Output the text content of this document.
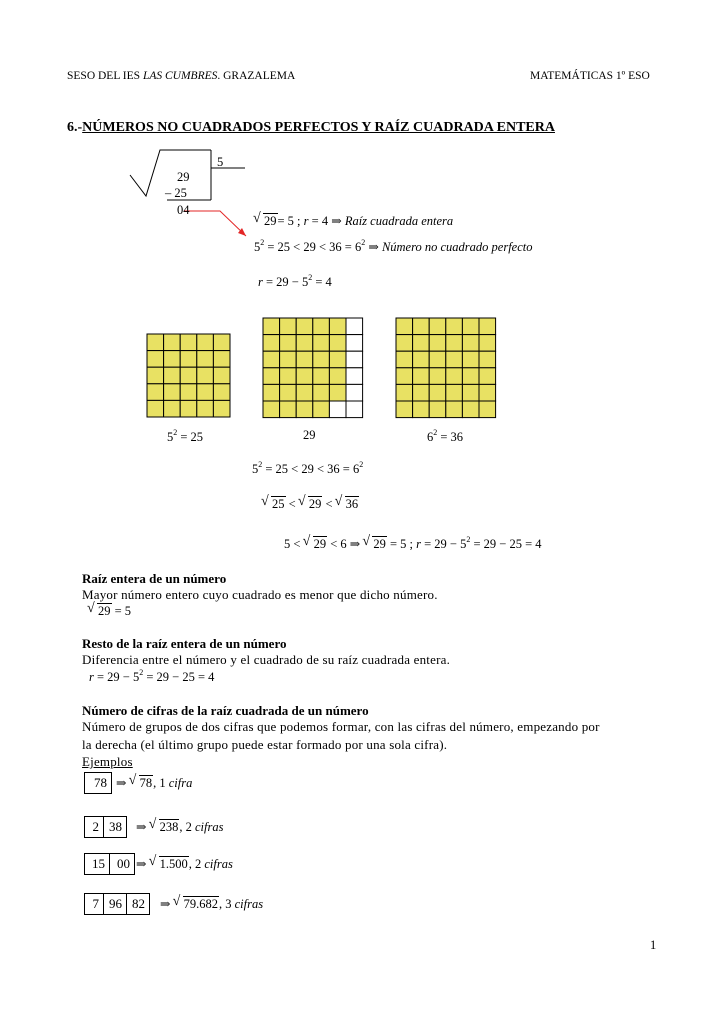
SESO DEL IES LAS CUMBRES. GRAZALEMA	MATEMÁTICAS 1º ESO
6.-NÚMEROS NO CUADRADOS PERFECTOS Y RAÍZ CUADRADA ENTERA
5
29
– 25
04
√ 29= 5 ; r = 4 ⇒ Raíz cuadrada entera
$5^2 = 25 < 29 < 36 = 6^2$ ⇒ Número no cuadrado perfecto
$r = 29 - 5^2 = 4$
$5^2 = 25$	29	$6^2 = 36$
$5^2 = 25 < 29 < 36 = 6^2$
√ 25 < √ 29 < √ 36
5 < √ 29 < 6 ⇒ √ 29 = 5 ; $r = 29 - 5^2 = 29 - 25 = 4$
Raíz entera de un número
Mayor número entero cuyo cuadrado es menor que dicho número.
√ 29 = 5
Resto de la raíz entera de un número
Diferencia entre el número y el cuadrado de su raíz cuadrada entera.
$r = 29 - 5^2 = 29 - 25 = 4$
Número de cifras de la raíz cuadrada de un número
Número de grupos de dos cifras que podemos formar, con las cifras del número, empezando por
la derecha (el último grupo puede estar formado por una sola cifra).
Ejemplos
78 ⇒ √ 78, 1 cifra
2 38	⇒ √ 238, 2 cifras
15 00 ⇒ √ 1.500, 2 cifras
7 96 82	⇒ √ 79.682, 3 cifras
1
